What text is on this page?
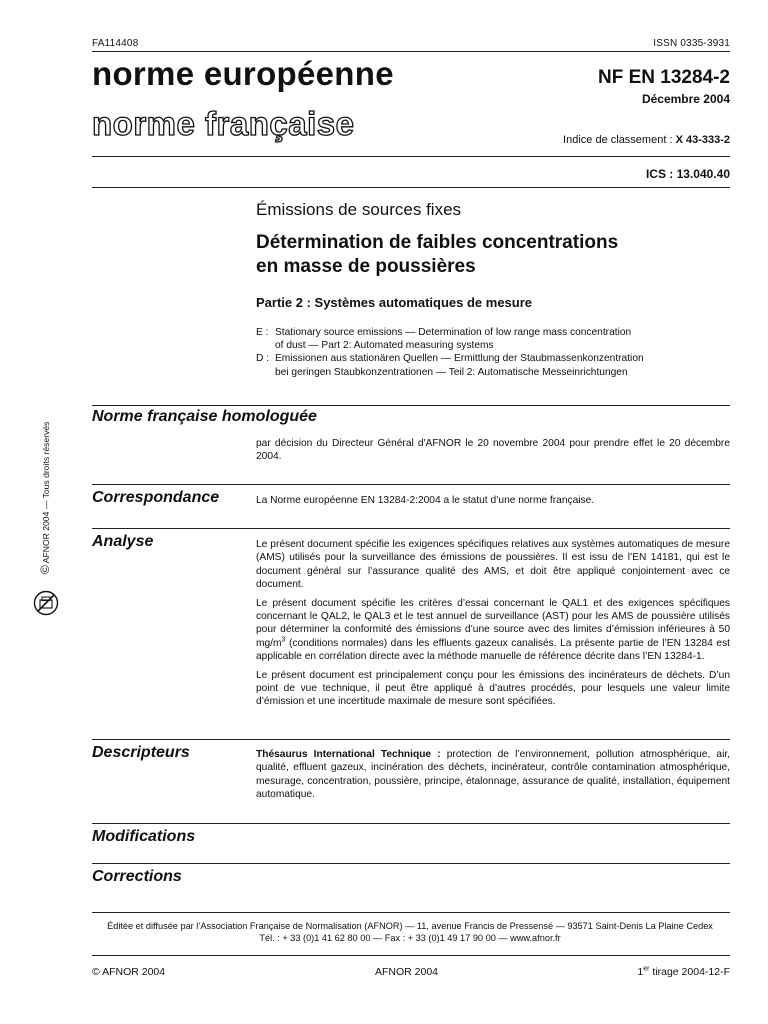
FA114408	ISSN 0335-3931
norme européenne
norme française
NF EN 13284-2
Décembre 2004
Indice de classement : X 43-333-2
ICS : 13.040.40
Émissions de sources fixes
Détermination de faibles concentrations
en masse de poussières
Partie 2 : Systèmes automatiques de mesure
E : Stationary source emissions — Determination of low range mass concentration
of dust — Part 2: Automated measuring systems
D : Emissionen aus stationären Quellen — Ermittlung der Staubmassenkonzentration
bei geringen Staubkonzentrationen — Teil 2: Automatische Messeinrichtungen
© AFNOR 2004 — Tous droits réservés
Norme française homologuée
par décision du Directeur Général d'AFNOR le 20 novembre 2004 pour prendre effet le 20 décembre 2004.
Correspondance	La Norme européenne EN 13284-2:2004 a le statut d’une norme française.
Analyse	Le présent document spécifie les exigences spécifiques relatives aux systèmes automatiques de mesure (AMS) utilisés pour la surveillance des émissions de poussières. Il est issu de l’EN 14181, qui est le document général sur l’assurance qualité des AMS, et doit être appliqué conjointement avec ce document.

Le présent document spécifie les critères d’essai concernant le QAL1 et des exigences spécifiques concernant le QAL2, le QAL3 et le test annuel de surveillance (AST) pour les AMS de poussière utilisés pour déterminer la conformité des émissions d’une source avec des limites d’émission inférieures à 50 $mg/m^3$ (conditions normales) dans les effluents gazeux canalisés. La présente partie de l’EN 13284 est applicable en corrélation directe avec la méthode manuelle de référence décrite dans l’EN 13284-1.

Le présent document est principalement conçu pour les émissions des incinérateurs de déchets. D’un point de vue technique, il peut être appliqué à d’autres procédés, pour lesquels une valeur limite d’émission et une incertitude maximale de mesure sont spécifiées.

Descripteurs	Thésaurus International Technique : protection de l’environnement, pollution atmosphérique, air, qualité, effluent gazeux, incinération des déchets, incinérateur, contrôle contamination atmosphérique, mesurage, concentration, poussière, principe, étalonnage, assurance de qualité, installation, équipement automatique.
Modifications
Corrections
Éditée et diffusée par l’Association Française de Normalisation (AFNOR) — 11, avenue Francis de Pressensé — 93571 Saint-Denis La Plaine Cedex
Tél. : + 33 (0)1 41 62 80 00 — Fax : + 33 (0)1 49 17 90 00 — www.afnor.fr
© AFNOR 2004	AFNOR 2004	1er tirage 2004-12-F
